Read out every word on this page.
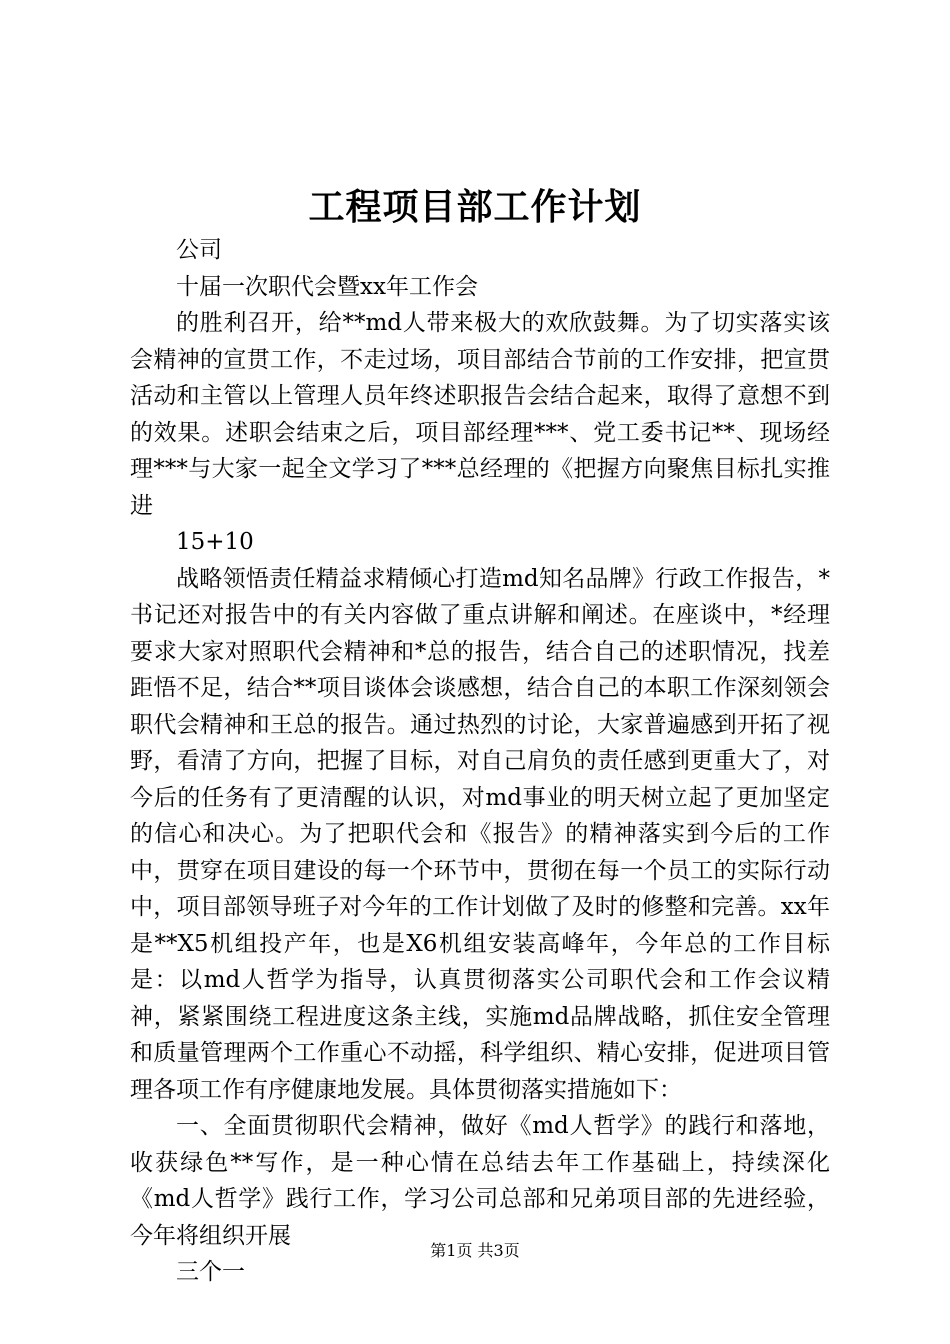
工程项目部工作计划

公司

十届一次职代会暨xx年工作会

的胜利召开，给**md人带来极大的欢欣鼓舞。为了切实落实该会精神的宣贯工作，不走过场，项目部结合节前的工作安排，把宣贯活动和主管以上管理人员年终述职报告会结合起来，取得了意想不到的效果。述职会结束之后，项目部经理***、党工委书记**、现场经理***与大家一起全文学习了***总经理的《把握方向聚焦目标扎实推进

15+10

战略领悟责任精益求精倾心打造md知名品牌》行政工作报告，*书记还对报告中的有关内容做了重点讲解和阐述。在座谈中，*经理要求大家对照职代会精神和*总的报告，结合自己的述职情况，找差距悟不足，结合**项目谈体会谈感想，结合自己的本职工作深刻领会职代会精神和王总的报告。通过热烈的讨论，大家普遍感到开拓了视野，看清了方向，把握了目标，对自己肩负的责任感到更重大了，对今后的任务有了更清醒的认识，对md事业的明天树立起了更加坚定的信心和决心。为了把职代会和《报告》的精神落实到今后的工作中，贯穿在项目建设的每一个环节中，贯彻在每一个员工的实际行动中，项目部领导班子对今年的工作计划做了及时的修整和完善。xx年是**X5机组投产年，也是X6机组安装高峰年，今年总的工作目标是：以md人哲学为指导，认真贯彻落实公司职代会和工作会议精神，紧紧围绕工程进度这条主线，实施md品牌战略，抓住安全管理和质量管理两个工作重心不动摇，科学组织、精心安排，促进项目管理各项工作有序健康地发展。具体贯彻落实措施如下：

一、全面贯彻职代会精神，做好《md人哲学》的践行和落地，收获绿色**写作，是一种心情在总结去年工作基础上，持续深化《md人哲学》践行工作，学习公司总部和兄弟项目部的先进经验，今年将组织开展

三个一

第1页 共3页
